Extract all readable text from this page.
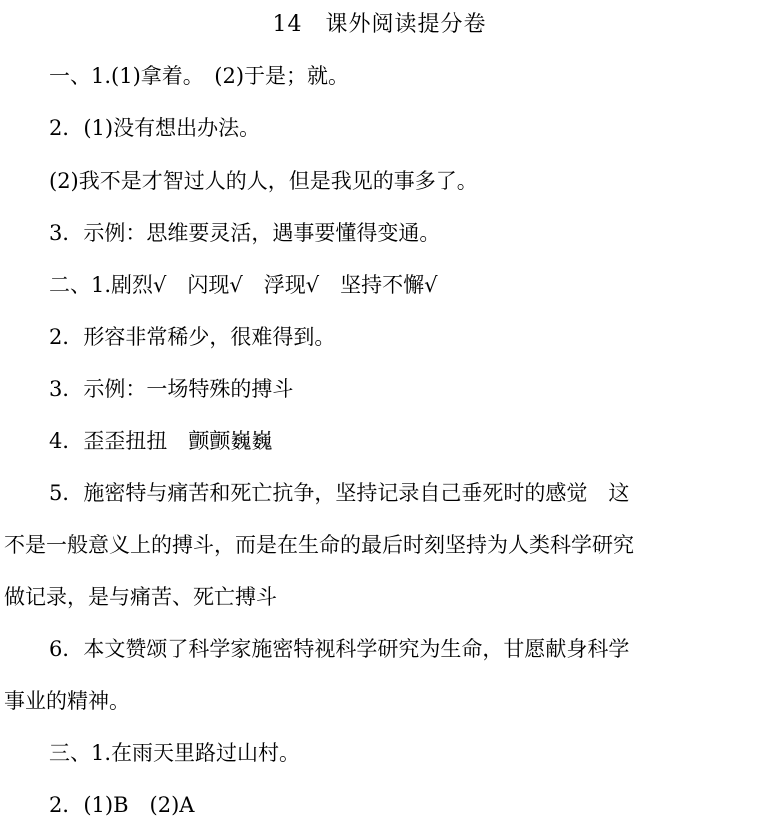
14　课外阅读提分卷
一、1.(1)拿着。　(2)于是；就。
2．(1)没有想出办法。
(2)我不是才智过人的人，但是我见的事多了。
3．示例：思维要灵活，遇事要懂得变通。
二、1.剧烈√　闪现√　浮现√　坚持不懈√
2．形容非常稀少，很难得到。
3．示例：一场特殊的搏斗
4．歪歪扭扭　颤颤巍巍
5．施密特与痛苦和死亡抗争，坚持记录自己垂死时的感觉　这
不是一般意义上的搏斗，而是在生命的最后时刻坚持为人类科学研究
做记录，是与痛苦、死亡搏斗
6．本文赞颂了科学家施密特视科学研究为生命，甘愿献身科学
事业的精神。
三、1.在雨天里路过山村。
2．(1)B　(2)A
